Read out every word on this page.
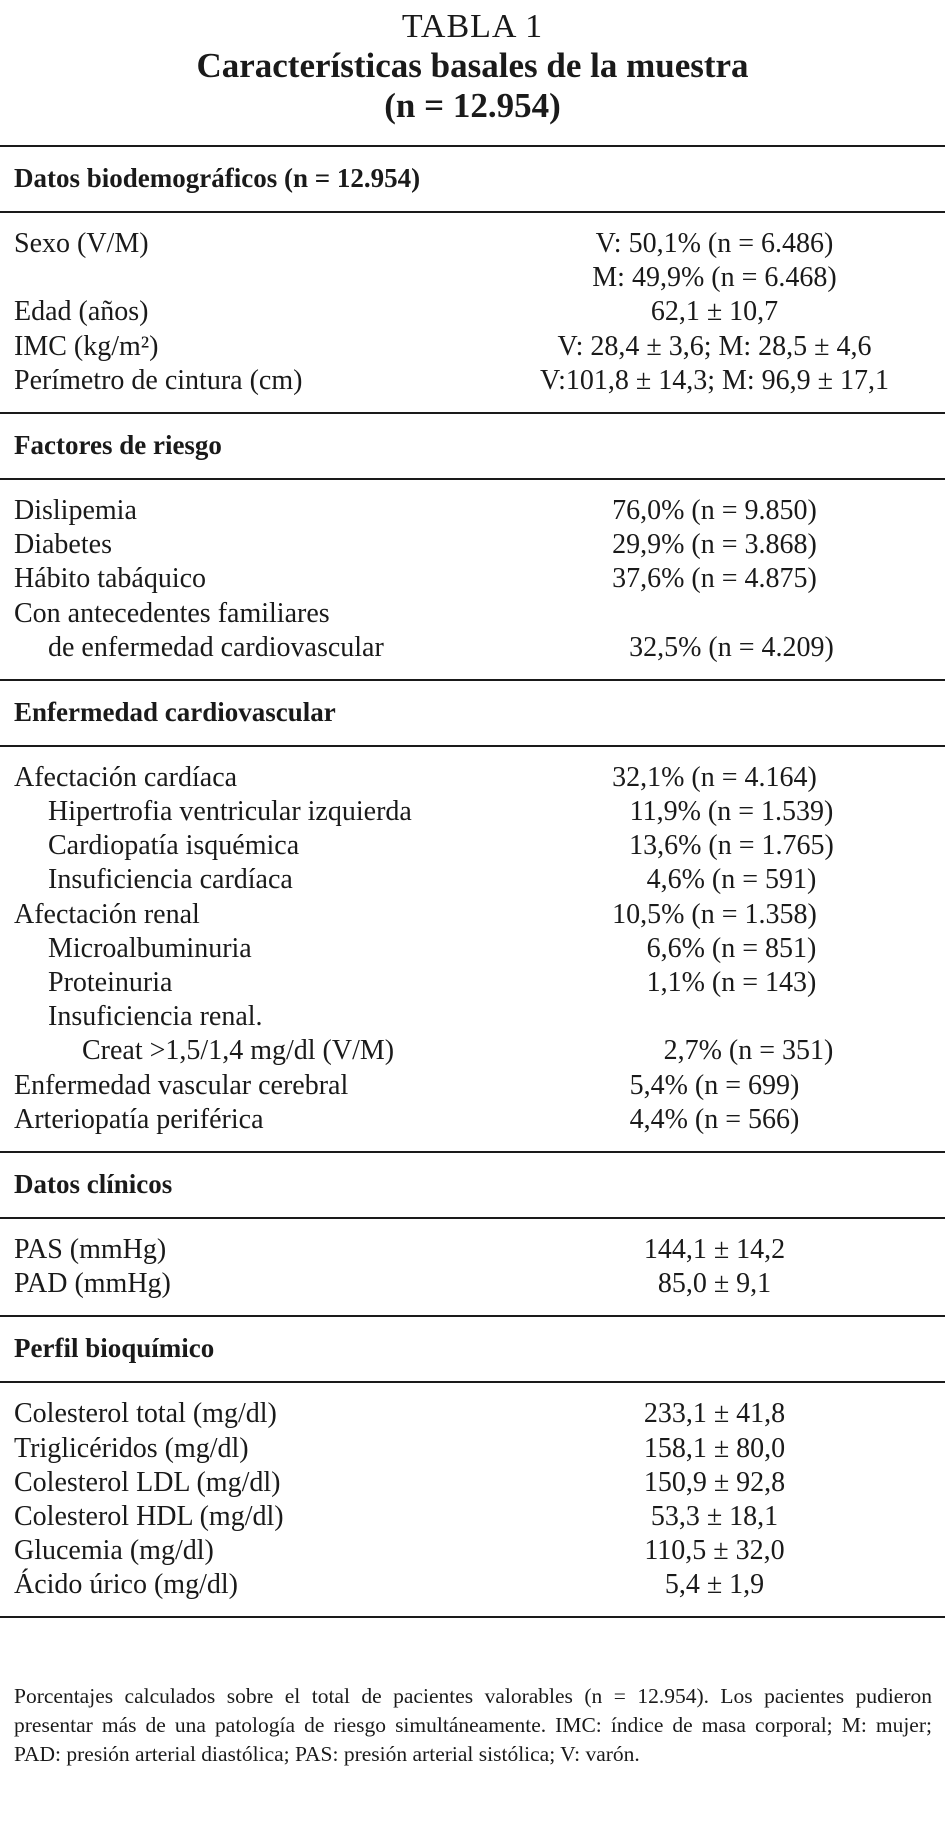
TABLA 1
Características basales de la muestra
(n = 12.954)
Datos biodemográficos (n = 12.954)
Sexo (V/M)	V: 50,1% (n = 6.486)
M: 49,9% (n = 6.468)
Edad (años)	62,1 ± 10,7
IMC (kg/m²)	V: 28,4 ± 3,6; M: 28,5 ± 4,6
Perímetro de cintura (cm)	V:101,8 ± 14,3; M: 96,9 ± 17,1
Factores de riesgo
Dislipemia	76,0% (n = 9.850)
Diabetes	29,9% (n = 3.868)
Hábito tabáquico	37,6% (n = 4.875)
Con antecedentes familiares
de enfermedad cardiovascular	32,5% (n = 4.209)
Enfermedad cardiovascular
Afectación cardíaca	32,1% (n = 4.164)
Hipertrofia ventricular izquierda	11,9% (n = 1.539)
Cardiopatía isquémica	13,6% (n = 1.765)
Insuficiencia cardíaca	4,6% (n = 591)
Afectación renal	10,5% (n = 1.358)
Microalbuminuria	6,6% (n = 851)
Proteinuria	1,1% (n = 143)
Insuficiencia renal.
Creat >1,5/1,4 mg/dl (V/M)	2,7% (n = 351)
Enfermedad vascular cerebral	5,4% (n = 699)
Arteriopatía periférica	4,4% (n = 566)
Datos clínicos
PAS (mmHg)	144,1 ± 14,2
PAD (mmHg)	85,0 ± 9,1
Perfil bioquímico
Colesterol total (mg/dl)	233,1 ± 41,8
Triglicéridos (mg/dl)	158,1 ± 80,0
Colesterol LDL (mg/dl)	150,9 ± 92,8
Colesterol HDL (mg/dl)	53,3 ± 18,1
Glucemia (mg/dl)	110,5 ± 32,0
Ácido úrico (mg/dl)	5,4 ± 1,9
Porcentajes calculados sobre el total de pacientes valorables (n = 12.954). Los pacientes pudieron presentar más de una patología de riesgo simultáneamente. IMC: índice de masa corporal; M: mujer; PAD: presión arterial diastólica; PAS: presión arterial sistólica; V: varón.
